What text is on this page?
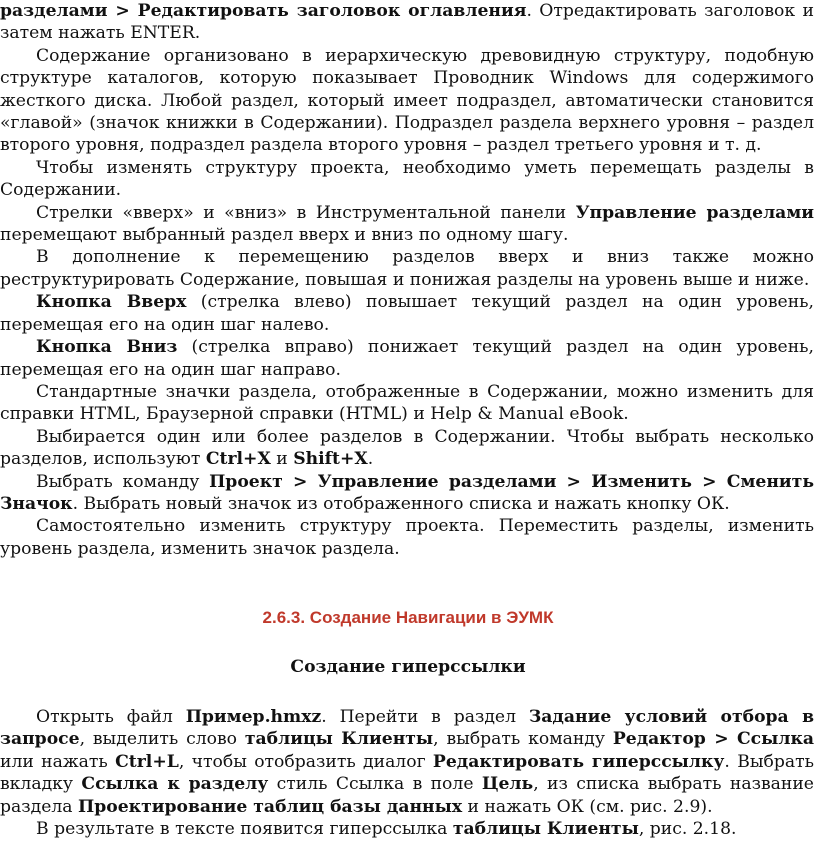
разделами > Редактировать заголовок оглавления. Отредактировать заголовок и затем нажать ENTER.

Содержание организовано в иерархическую древовидную структуру, подобную структуре каталогов, которую показывает Проводник Windows для содержимого жесткого диска. Любой раздел, который имеет подраздел, автоматически становится «главой» (значок книжки в Содержании). Подраздел раздела верхнего уровня – раздел второго уровня, подраздел раздела второго уровня – раздел третьего уровня и т. д.

Чтобы изменять структуру проекта, необходимо уметь перемещать разделы в Содержании.

Стрелки «вверх» и «вниз» в Инструментальной панели Управление разделами перемещают выбранный раздел вверх и вниз по одному шагу.

В дополнение к перемещению разделов вверх и вниз также можно реструктурировать Содержание, повышая и понижая разделы на уровень выше и ниже.

Кнопка Вверх (стрелка влево) повышает текущий раздел на один уровень, перемещая его на один шаг налево.

Кнопка Вниз (стрелка вправо) понижает текущий раздел на один уровень, перемещая его на один шаг направо.

Стандартные значки раздела, отображенные в Содержании, можно изменить для справки HTML, Браузерной справки (HTML) и Help & Manual eBook.

Выбирается один или более разделов в Содержании. Чтобы выбрать несколько разделов, используют Ctrl+X и Shift+X.

Выбрать команду Проект > Управление разделами > Изменить > Сменить Значок. Выбрать новый значок из отображенного списка и нажать кнопку ОК.

Самостоятельно изменить структуру проекта. Переместить разделы, изменить уровень раздела, изменить значок раздела.

2.6.3. Создание Навигации в ЭУМК
Создание гиперссылки

Открыть файл Пример.hmxz. Перейти в раздел Задание условий отбора в запросе, выделить слово таблицы Клиенты, выбрать команду Редактор > Ссылка или нажать Ctrl+L, чтобы отобразить диалог Редактировать гиперссылку. Выбрать вкладку Ссылка к разделу стиль Ссылка в поле Цель, из списка выбрать название раздела Проектирование таблиц базы данных и нажать ОК (см. рис. 2.9).

В результате в тексте появится гиперссылка таблицы Клиенты, рис. 2.18.
